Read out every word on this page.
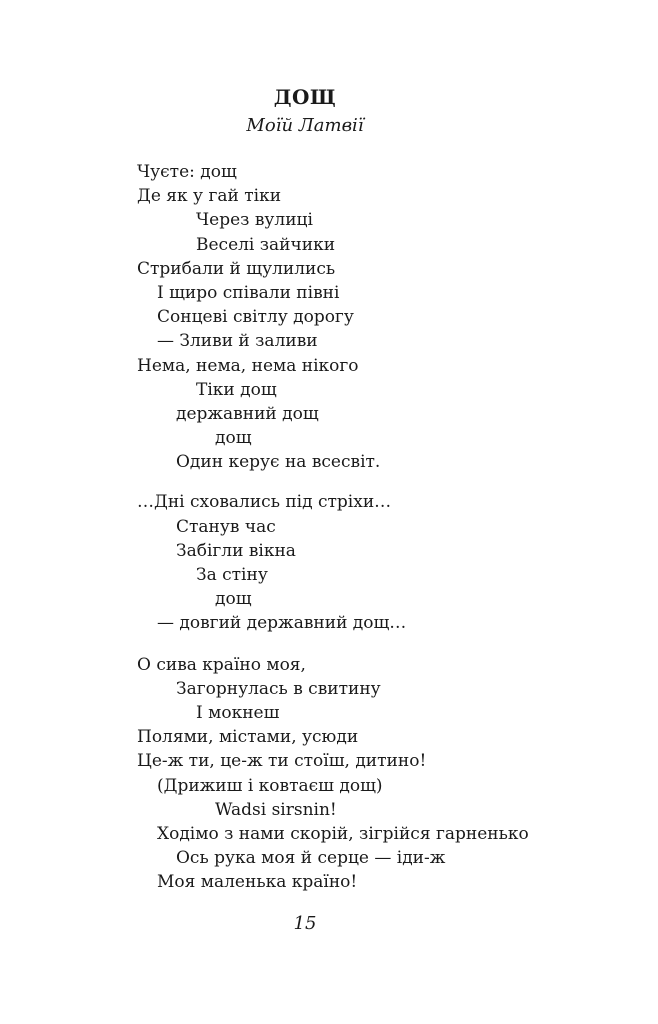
ДОЩ
Моїй Латвії
Чуєте: дощ
Де як у гай тіки
Через вулиці
Веселі зайчики
Стрибали й щулились
І щиро співали півні
Сонцеві світлу дорогу
— Зливи й заливи
Нема, нема, нема нікого
Тіки дощ
державний дощ
дощ
Один керує на всесвіт.
…Дні сховались під стріхи…
Станув час
Забігли вікна
За стіну
дощ
— довгий державний дощ…
О сива країно моя,
Загорнулась в свитину
І мокнеш
Полями, містами, усюди
Це-ж ти, це-ж ти стоїш, дитино!
(Дрижиш і ковтаєш дощ)
Wadsi sirsnin!
Ходімо з нами скорій, зігрійся гарненько
Ось рука моя й серце — іди-ж
Моя маленька країно!
15
